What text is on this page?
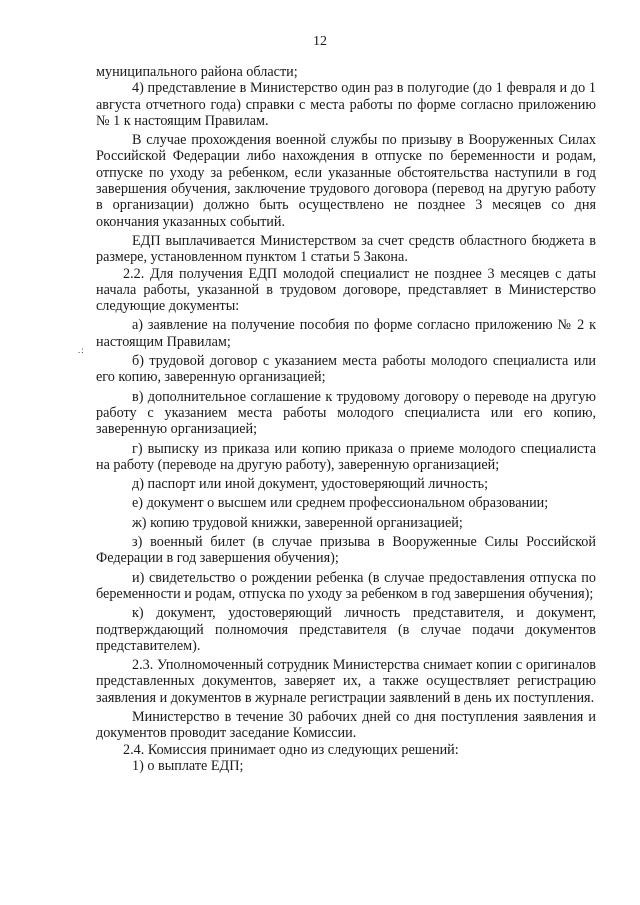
12
.:

муниципального района области;

4) представление в Министерство один раз в полугодие (до 1 февраля и до 1 августа отчетного года) справки с места работы по форме согласно приложению № 1 к настоящим Правилам.

В случае прохождения военной службы по призыву в Вооруженных Силах Российской Федерации либо нахождения в отпуске по беременности и родам, отпуске по уходу за ребенком, если указанные обстоятельства наступили в год завершения обучения, заключение трудового договора (перевод на другую работу в организации) должно быть осуществлено не позднее 3 месяцев со дня окончания указанных событий.

ЕДП выплачивается Министерством за счет средств областного бюджета в размере, установленном пунктом 1 статьи 5 Закона.

2.2. Для получения ЕДП молодой специалист не позднее 3 месяцев с даты начала работы, указанной в трудовом договоре, представляет в Министерство следующие документы:

а) заявление на получение пособия по форме согласно приложению № 2 к настоящим Правилам;

б) трудовой договор с указанием места работы молодого специалиста или его копию, заверенную организацией;

в) дополнительное соглашение к трудовому договору о переводе на другую работу с указанием места работы молодого специалиста или его копию, заверенную организацией;

г) выписку из приказа или копию приказа о приеме молодого специалиста на работу (переводе на другую работу), заверенную организацией;

д) паспорт или иной документ, удостоверяющий личность;

е) документ о высшем или среднем профессиональном образовании;

ж) копию трудовой книжки, заверенной организацией;

з) военный билет (в случае призыва в Вооруженные Силы Российской Федерации в год завершения обучения);

и) свидетельство о рождении ребенка (в случае предоставления отпуска по беременности и родам, отпуска по уходу за ребенком в год завершения обучения);

к) документ, удостоверяющий личность представителя, и документ, подтверждающий полномочия представителя (в случае подачи документов представителем).

2.3. Уполномоченный сотрудник Министерства снимает копии с оригиналов представленных документов, заверяет их, а также осуществляет регистрацию заявления и документов в журнале регистрации заявлений в день их поступления.

Министерство в течение 30 рабочих дней со дня поступления заявления и документов проводит заседание Комиссии.

2.4. Комиссия принимает одно из следующих решений:

1) о выплате ЕДП;
